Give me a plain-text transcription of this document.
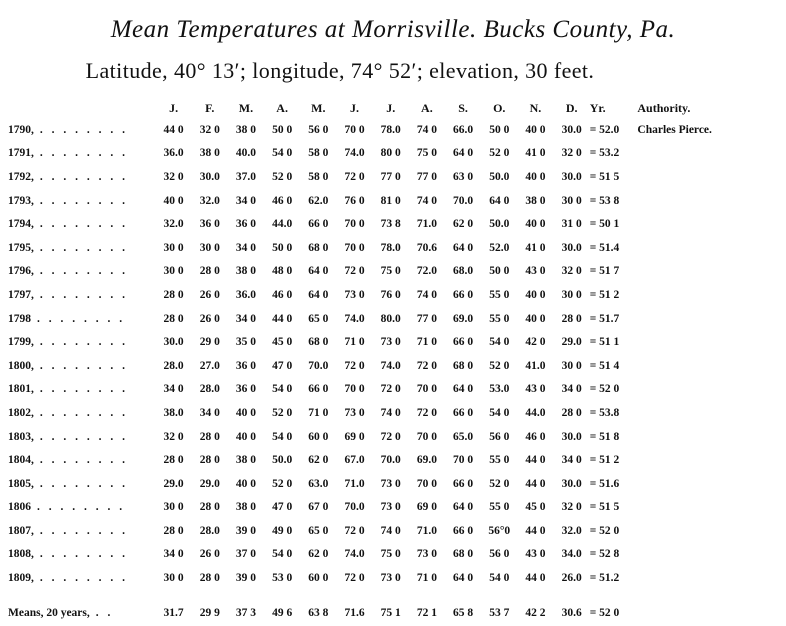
Mean Temperatures at Morrisville. Bucks County, Pa.
Latitude, 40° 13′; longitude, 74° 52′; elevation, 30 feet.
	J.	F.	M.	A.	M.	J.	J.	A.	S.	O.	N.	D.	Yr.	Authority.
1790, . . . . . . . .	44 0	32 0	38 0	50 0	56 0	70 0	78.0	74 0	66.0	50 0	40 0	30.0	= 52.0	Charles Pierce.
1791, . . . . . . . .	36.0	38 0	40.0	54 0	58 0	74.0	80 0	75 0	64 0	52 0	41 0	32 0	= 53.2	
1792, . . . . . . . .	32 0	30.0	37.0	52 0	58 0	72 0	77 0	77 0	63 0	50.0	40 0	30.0	= 51 5	
1793, . . . . . . . .	40 0	32.0	34 0	46 0	62.0	76 0	81 0	74 0	70.0	64 0	38 0	30 0	= 53 8	
1794, . . . . . . . .	32.0	36 0	36 0	44.0	66 0	70 0	73 8	71.0	62 0	50.0	40 0	31 0	= 50 1	
1795, . . . . . . . .	30 0	30 0	34 0	50 0	68 0	70 0	78.0	70.6	64 0	52.0	41 0	30.0	= 51.4	
1796, . . . . . . . .	30 0	28 0	38 0	48 0	64 0	72 0	75 0	72.0	68.0	50 0	43 0	32 0	= 51 7	
1797, . . . . . . . .	28 0	26 0	36.0	46 0	64 0	73 0	76 0	74 0	66 0	55 0	40 0	30 0	= 51 2	
1798 . . . . . . . .	28 0	26 0	34 0	44 0	65 0	74.0	80.0	77 0	69.0	55 0	40 0	28 0	= 51.7	
1799, . . . . . . . .	30.0	29 0	35 0	45 0	68 0	71 0	73 0	71 0	66 0	54 0	42 0	29.0	= 51 1	
1800, . . . . . . . .	28.0	27.0	36 0	47 0	70.0	72 0	74.0	72 0	68 0	52 0	41.0	30 0	= 51 4	
1801, . . . . . . . .	34 0	28.0	36 0	54 0	66 0	70 0	72 0	70 0	64 0	53.0	43 0	34 0	= 52 0	
1802, . . . . . . . .	38.0	34 0	40 0	52 0	71 0	73 0	74 0	72 0	66 0	54 0	44.0	28 0	= 53.8	
1803, . . . . . . . .	32 0	28 0	40 0	54 0	60 0	69 0	72 0	70 0	65.0	56 0	46 0	30.0	= 51 8	
1804, . . . . . . . .	28 0	28 0	38 0	50.0	62 0	67.0	70.0	69.0	70 0	55 0	44 0	34 0	= 51 2	
1805, . . . . . . . .	29.0	29.0	40 0	52 0	63.0	71.0	73 0	70 0	66 0	52 0	44 0	30.0	= 51.6	
1806 . . . . . . . .	30 0	28 0	38 0	47 0	67 0	70.0	73 0	69 0	64 0	55 0	45 0	32 0	= 51 5	
1807, . . . . . . . .	28 0	28.0	39 0	49 0	65 0	72 0	74 0	71.0	66 0	56°0	44 0	32.0	= 52 0	
1808, . . . . . . . .	34 0	26 0	37 0	54 0	62 0	74.0	75 0	73 0	68 0	56 0	43 0	34.0	= 52 8	
1809, . . . . . . . .	30 0	28 0	39 0	53 0	60 0	72 0	73 0	71 0	64 0	54 0	44 0	26.0	= 51.2	
Means, 20 years, . .	31.7	29 9	37 3	49 6	63 8	71.6	75 1	72 1	65 8	53 7	42 2	30.6	= 52 0	
